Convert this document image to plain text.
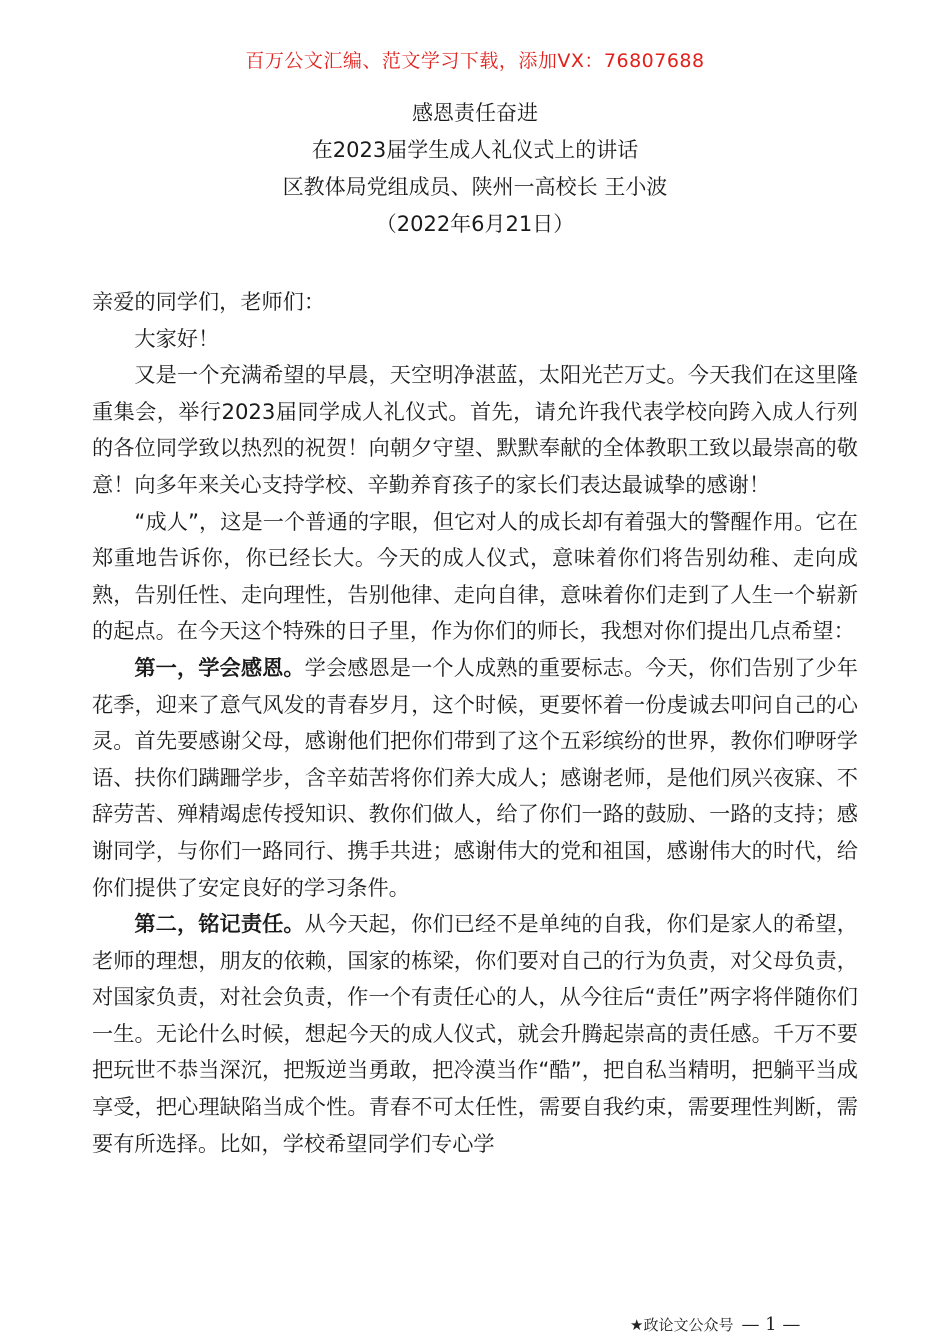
百万公文汇编、范文学习下载，添加VX：76807688
感恩责任奋进
在2023届学生成人礼仪式上的讲话
区教体局党组成员、陕州一高校长 王小波
（2022年6月21日）

亲爱的同学们，老师们：

大家好！

又是一个充满希望的早晨，天空明净湛蓝，太阳光芒万丈。今天我们在这里隆重集会，举行2023届同学成人礼仪式。首先，请允许我代表学校向跨入成人行列的各位同学致以热烈的祝贺！向朝夕守望、默默奉献的全体教职工致以最崇高的敬意！向多年来关心支持学校、辛勤养育孩子的家长们表达最诚挚的感谢！

“成人”，这是一个普通的字眼，但它对人的成长却有着强大的警醒作用。它在郑重地告诉你，你已经长大。今天的成人仪式，意味着你们将告别幼稚、走向成熟，告别任性、走向理性，告别他律、走向自律，意味着你们走到了人生一个崭新的起点。在今天这个特殊的日子里，作为你们的师长，我想对你们提出几点希望：

第一，学会感恩。学会感恩是一个人成熟的重要标志。今天，你们告别了少年花季，迎来了意气风发的青春岁月，这个时候，更要怀着一份虔诚去叩问自己的心灵。首先要感谢父母，感谢他们把你们带到了这个五彩缤纷的世界，教你们咿呀学语、扶你们蹒跚学步，含辛茹苦将你们养大成人；感谢老师，是他们夙兴夜寐、不辞劳苦、殚精竭虑传授知识、教你们做人，给了你们一路的鼓励、一路的支持；感谢同学，与你们一路同行、携手共进；感谢伟大的党和祖国，感谢伟大的时代，给你们提供了安定良好的学习条件。

第二，铭记责任。从今天起，你们已经不是单纯的自我，你们是家人的希望，老师的理想，朋友的依赖，国家的栋梁，你们要对自己的行为负责，对父母负责，对国家负责，对社会负责，作一个有责任心的人，从今往后“责任”两字将伴随你们一生。无论什么时候，想起今天的成人仪式，就会升腾起崇高的责任感。千万不要把玩世不恭当深沉，把叛逆当勇敢，把冷漠当作“酷”，把自私当精明，把躺平当成享受，把心理缺陷当成个性。青春不可太任性，需要自我约束，需要理性判断，需要有所选择。比如，学校希望同学们专心学

★政论文公众号 — 1 —
